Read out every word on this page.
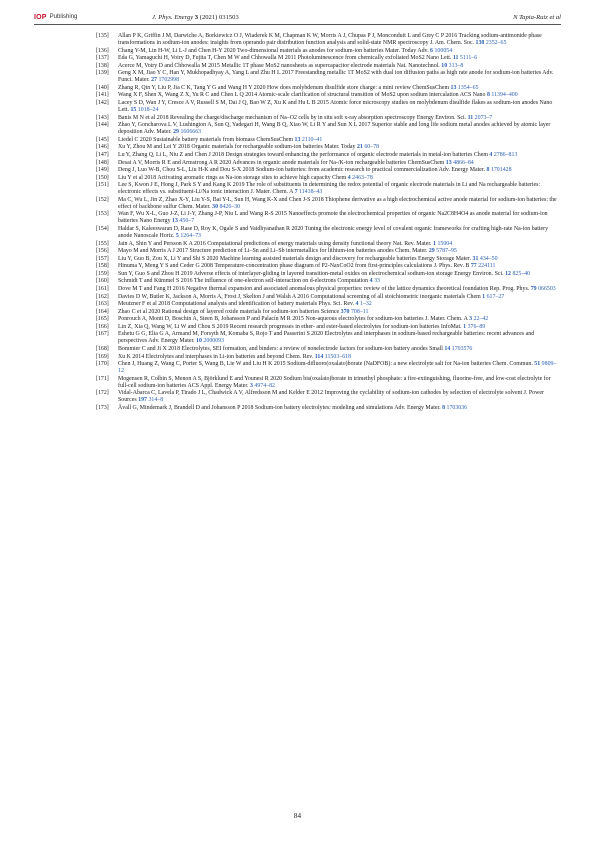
IOP Publishing	J. Phys. Energy 3 (2021) 031503	N Tapia-Ruiz et al
[135] Allan P K, Griffin J M, Darwiche A, Borkiewicz O J, Wiaderek K M, Chapman K W, Morris A J, Chupas P J, Monconduit L and Grey C P 2016 Tracking sodium-antimonide phase transformations in sodium-ion anodes: insights from operando pair distribution function analysis and solid-state NMR spectroscopy J. Am. Chem. Soc. 138 2352–65
[136] Chang Y-M, Lin H-W, Li L-J and Chen H-Y 2020 Two-dimensional materials as anodes for sodium-ion batteries Mater. Today Adv. 6 100054
[137] Eda G, Yamaguchi H, Voiry D, Fujita T, Chen M W and Chhowalla M 2011 Photoluminescence from chemically exfoliated MoS2 Nano Lett. 11 5111–6
[138] Acerce M, Voiry D and Chhowalla M 2015 Metallic 1T phase MoS2 nanosheets as supercapacitor electrode materials Nat. Nanotechnol. 10 313–8
[139] Geng X M, Jiao Y C, Han Y, Mukhopadhyay A, Yang L and Zhu H L 2017 Freestanding metallic 1T MoS2 with dual ion diffusion paths as high rate anode for sodium-ion batteries Adv. Funct. Mater. 27 1702998
[140] Zhang R, Qin Y, Liu P, Jia C K, Tang Y G and Wang H Y 2020 How does molybdenum disulfide store charge: a mini review ChemSusChem 13 1354–65
[141] Wang X F, Shen X, Wang Z X, Yu R C and Chen L Q 2014 Atomic-scale clarification of structural transition of MoS2 upon sodium intercalation ACS Nano 8 11394–400
[142] Lacey S D, Wan J Y, Cresce A V, Russell S M, Dai J Q, Bao W Z, Xu K and Hu L B 2015 Atomic force microscopy studies on molybdenum disulfide flakes as sodium-ion anodes Nano Lett. 15 1018–24
[143] Banis M N et al 2018 Revealing the charge/discharge mechanism of Na–O2 cells by in situ soft x-ray absorption spectroscopy Energy Environ. Sci. 11 2073–7
[144] Zhao Y, Goncharova L V, Lushington A, Sun Q, Yadegari H, Wang B Q, Xiao W, Li R Y and Sun X L 2017 Superior stable and long life sodium metal anodes achieved by atomic layer deposition Adv. Mater. 29 1606663
[145] Liedel C 2020 Sustainable battery materials from biomass ChemSusChem 13 2110–41
[146] Xu Y, Zhou M and Lei Y 2018 Organic materials for rechargeable sodium-ion batteries Mater. Today 21 60–78
[147] Lu Y, Zhang Q, Li L, Niu Z and Chen J 2018 Design strategies toward enhancing the performance of organic electrode materials in metal-ion batteries Chem 4 2786–813
[148] Desai A V, Morris R E and Armstrong A R 2020 Advances in organic anode materials for Na-/K-ion rechargeable batteries ChemSusChem 13 4866–84
[149] Deng J, Luo W-B, Chou S-L, Liu H-K and Dou S-X 2018 Sodium-ion batteries: from academic research to practical commercialization Adv. Energy Mater. 8 1701428
[150] Liu Y et al 2018 Activating aromatic rings as Na-ion storage sites to achieve high capacity Chem 4 2463–78
[151] Lee S, Kwon J E, Hong J, Park S Y and Kang K 2019 The role of substituents in determining the redox potential of organic electrode materials in Li and Na rechargeable batteries: electronic effects vs. substituent-Li/Na ionic interaction J. Mater. Chem. A 7 11438–43
[152] Ma C, Wu L, Jin Z, Zhao X-Y, Liu Y-S, Bai Y-L, Sun H, Wang K-X and Chen J-S 2018 Thiophene derivative as a high electrochemical active anode material for sodium-ion batteries: the effect of backbone sulfur Chem. Mater. 30 8426–30
[153] Wan F, Wu X-L, Guo J-Z, Li J-Y, Zhang J-P, Niu L and Wang R-S 2015 Nanoeffects promote the electrochemical properties of organic Na2C8H4O4 as anode material for sodium-ion batteries Nano Energy 13 450–7
[154] Haldar S, Kaleeswaran D, Rase D, Roy K, Ogale S and Vaidhyanathan R 2020 Tuning the electronic energy level of covalent organic frameworks for crafting high-rate Na-ion battery anode Nanoscale Horiz. 5 1264–73
[155] Jain A, Shin Y and Persson K A 2016 Computational predictions of energy materials using density functional theory Nat. Rev. Mater. 1 15004
[156] Mayo M and Morris A J 2017 Structure prediction of Li–Sn and Li–Sb intermetallics for lithium-ion batteries anodes Chem. Mater. 29 5787–95
[157] Liu Y, Guo B, Zou X, Li Y and Shi S 2020 Machine learning assisted materials design and discovery for rechargeable batteries Energy Storage Mater. 31 434–50
[158] Hinuma Y, Meng Y S and Ceder G 2008 Temperature-concentration phase diagram of P2-NaxCoO2 from first-principles calculations J. Phys. Rev. B 77 224111
[159] Sun Y, Guo S and Zhou H 2019 Adverse effects of interlayer-gliding in layered transition-metal oxides on electrochemical sodium-ion storage Energy Environ. Sci. 12 825–40
[160] Schmidt T and Kümmel S 2016 The influence of one-electron self-interaction on d-electrons Computation 4 33
[161] Dove M T and Fang H 2016 Negative thermal expansion and associated anomalous physical properties: review of the lattice dynamics theoretical foundation Rep. Prog. Phys. 79 066503
[162] Davies D W, Butler K, Jackson A, Morris A, Frost J, Skelton J and Walsh A 2016 Computational screening of all stoichiometric inorganic materials Chem 1 617–27
[163] Meutzner F et al 2018 Computational analysis and identification of battery materials Phys. Sci. Rev. 4 1–32
[164] Zhao C et al 2020 Rational design of layered oxide materials for sodium-ion batteries Science 370 708–11
[165] Ponrouch A, Monti D, Boschin A, Steen B, Johansson P and Palacín M R 2015 Non-aqueous electrolytes for sodium-ion batteries J. Mater. Chem. A 3 22–42
[166] Lin Z, Xia Q, Wang W, Li W and Chou S 2019 Recent research progresses in ether- and ester-based electrolytes for sodium-ion batteries InfoMat. 1 376–89
[167] Eshetu G G, Elia G A, Armand M, Forsyth M, Komaba S, Rojo T and Passerini S 2020 Electrolytes and interphases in sodium-based rechargeable batteries: recent advances and perspectives Adv. Energy Mater. 10 2000093
[168] Bommier C and Ji X 2018 Electrolytes, SEI formation, and binders: a review of nonelectrode factors for sodium-ion battery anodes Small 14 1703576
[169] Xu K 2014 Electrolytes and interphases in Li-ion batteries and beyond Chem. Rev. 114 11503–618
[170] Chen J, Huang Z, Wang C, Porter S, Wang B, Lie W and Liu H K 2015 Sodium-difluoro(oxalato)borate (NaDFOB): a new electrolyte salt for Na-ion batteries Chem. Commun. 51 9809–12
[171] Mogensen R, Colbin S, Menon A S, Björklund E and Younesi R 2020 Sodium bis(oxalato)borate in trimethyl phosphate: a fire-extinguishing, fluorine-free, and low-cost electrolyte for full-cell sodium-ion batteries ACS Appl. Energy Mater. 3 4974–82
[172] Vidal-Abarca C, Lavela P, Tirado J L, Chadwick A V, Alfredsson M and Kelder E 2012 Improving the cyclability of sodium-ion cathodes by selection of electrolyte solvent J. Power Sources 197 314–8
[173] Åvall G, Mindemark J, Brandell D and Johansson P 2018 Sodium-ion battery electrolytes: modeling and simulations Adv. Energy Mater. 8 1703036
84
